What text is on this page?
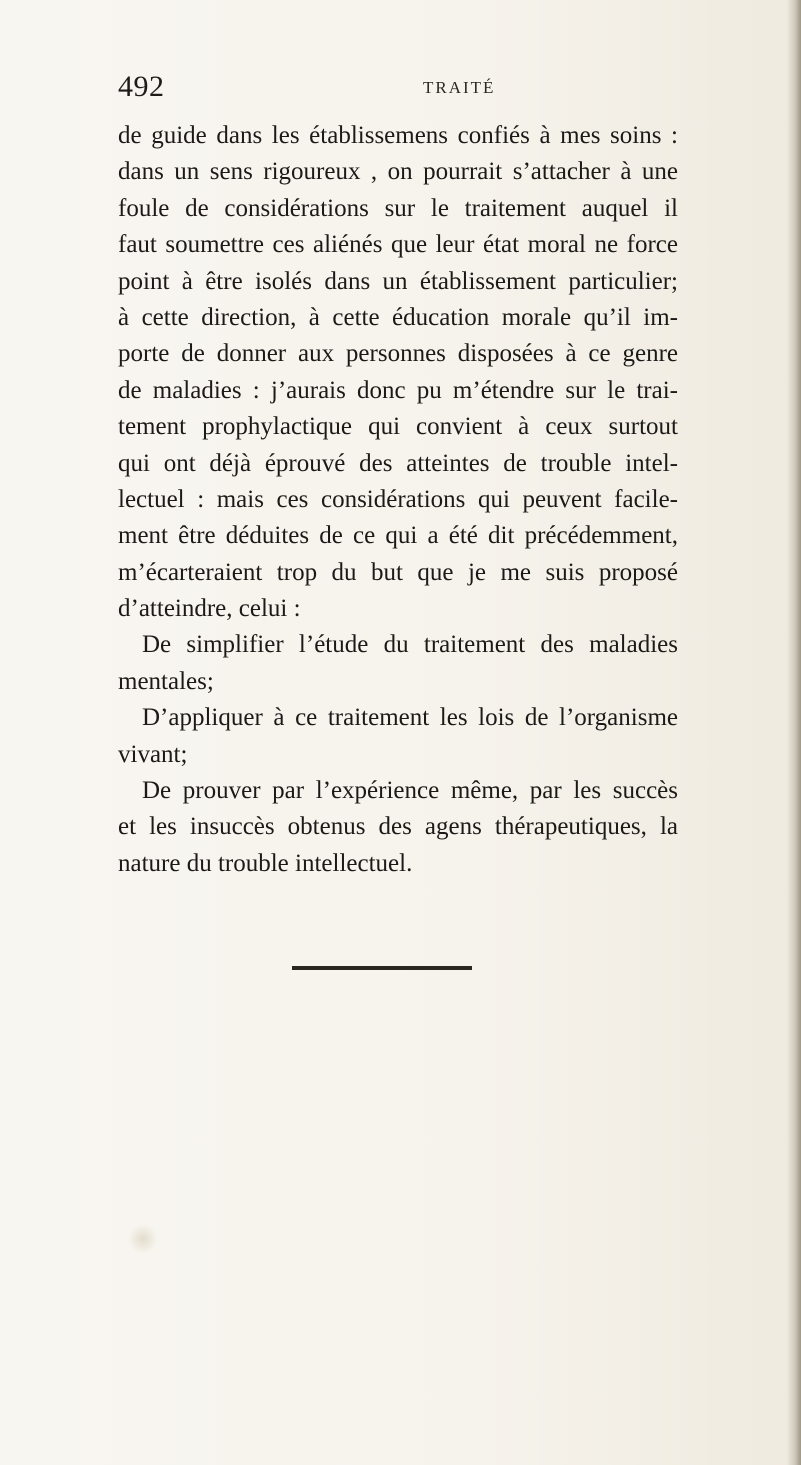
492	TRAITÉ
de guide dans les établissemens confiés à mes soins :
dans un sens rigoureux , on pourrait s’attacher à une
foule de considérations sur le traitement auquel il
faut soumettre ces aliénés que leur état moral ne force
point à être isolés dans un établissement particulier;
à cette direction, à cette éducation morale qu’il im-
porte de donner aux personnes disposées à ce genre
de maladies : j’aurais donc pu m’étendre sur le trai-
tement prophylactique qui convient à ceux surtout
qui ont déjà éprouvé des atteintes de trouble intel-
lectuel : mais ces considérations qui peuvent facile-
ment être déduites de ce qui a été dit précédemment,
m’écarteraient trop du but que je me suis proposé
d’atteindre, celui :
De simplifier l’étude du traitement des maladies
mentales;
D’appliquer à ce traitement les lois de l’organisme
vivant;
De prouver par l’expérience même, par les succès
et les insuccès obtenus des agens thérapeutiques, la
nature du trouble intellectuel.
